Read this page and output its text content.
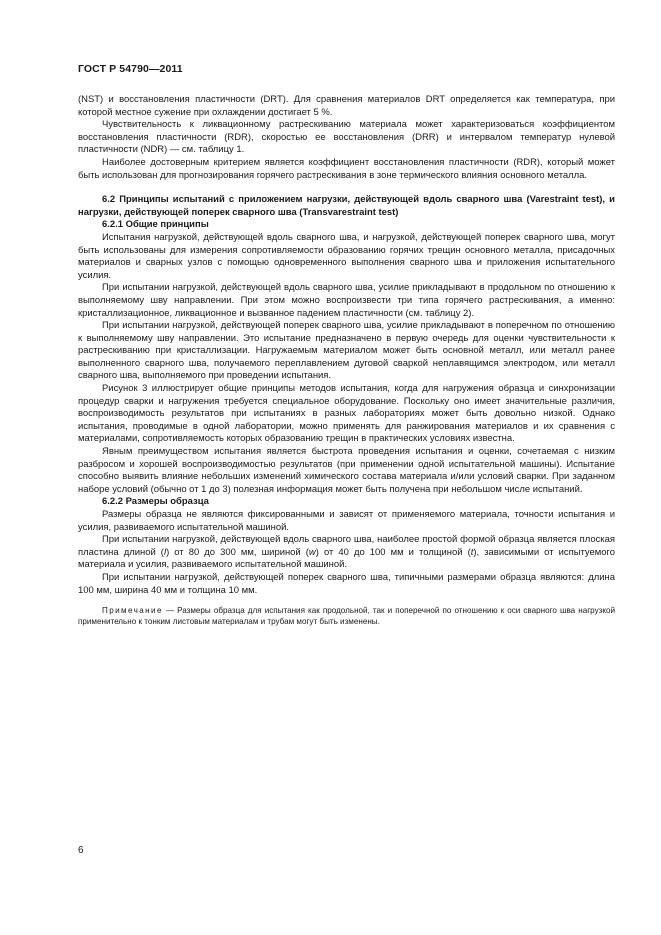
ГОСТ Р 54790—2011

(NST) и восстановления пластичности (DRT). Для сравнения материалов DRT определяется как температура, при которой местное сужение при охлаждении достигает 5 %.

Чувствительность к ликвационному растрескиванию материала может характеризоваться коэффициентом восстановления пластичности (RDR), скоростью ее восстановления (DRR) и интервалом температур нулевой пластичности (NDR) — см. таблицу 1.

Наиболее достоверным критерием является коэффициент восстановления пластичности (RDR), который может быть использован для прогнозирования горячего растрескивания в зоне термического влияния основного металла.

6.2 Принципы испытаний с приложением нагрузки, действующей вдоль сварного шва (Varestraint test), и нагрузки, действующей поперек сварного шва (Transvarestraint test)
6.2.1 Общие принципы

Испытания нагрузкой, действующей вдоль сварного шва, и нагрузкой, действующей поперек сварного шва, могут быть использованы для измерения сопротивляемости образованию горячих трещин основного металла, присадочных материалов и сварных узлов с помощью одновременного выполнения сварного шва и приложения испытательного усилия.

При испытании нагрузкой, действующей вдоль сварного шва, усилие прикладывают в продольном по отношению к выполняемому шву направлении. При этом можно воспроизвести три типа горячего растрескивания, а именно: кристаллизационное, ликвационное и вызванное падением пластичности (см. таблицу 2).

При испытании нагрузкой, действующей поперек сварного шва, усилие прикладывают в поперечном по отношению к выполняемому шву направлении. Это испытание предназначено в первую очередь для оценки чувствительности к растрескиванию при кристаллизации. Нагружаемым материалом может быть основной металл, или металл ранее выполненного сварного шва, получаемого переплавлением дуговой сваркой неплавящимся электродом, или металл сварного шва, выполняемого при проведении испытания.

Рисунок 3 иллюстрирует общие принципы методов испытания, когда для нагружения образца и синхронизации процедур сварки и нагружения требуется специальное оборудование. Поскольку оно имеет значительные различия, воспроизводимость результатов при испытаниях в разных лабораториях может быть довольно низкой. Однако испытания, проводимые в одной лаборатории, можно применять для ранжирования материалов и их сравнения с материалами, сопротивляемость которых образованию трещин в практических условиях известна.

Явным преимуществом испытания является быстрота проведения испытания и оценки, сочетаемая с низким разбросом и хорошей воспроизводимостью результатов (при применении одной испытательной машины). Испытание способно выявить влияние небольших изменений химического состава материала и/или условий сварки. При заданном наборе условий (обычно от 1 до 3) полезная информация может быть получена при небольшом числе испытаний.

6.2.2 Размеры образца

Размеры образца не являются фиксированными и зависят от применяемого материала, точности испытания и усилия, развиваемого испытательной машиной.

При испытании нагрузкой, действующей вдоль сварного шва, наиболее простой формой образца является плоская пластина длиной (l) от 80 до 300 мм, шириной (w) от 40 до 100 мм и толщиной (t), зависимыми от испытуемого материала и усилия, развиваемого испытательной машиной.

При испытании нагрузкой, действующей поперек сварного шва, типичными размерами образца являются: длина 100 мм, ширина 40 мм и толщина 10 мм.

Примечание — Размеры образца для испытания как продольной, так и поперечной по отношению к оси сварного шва нагрузкой применительно к тонким листовым материалам и трубам могут быть изменены.

6
